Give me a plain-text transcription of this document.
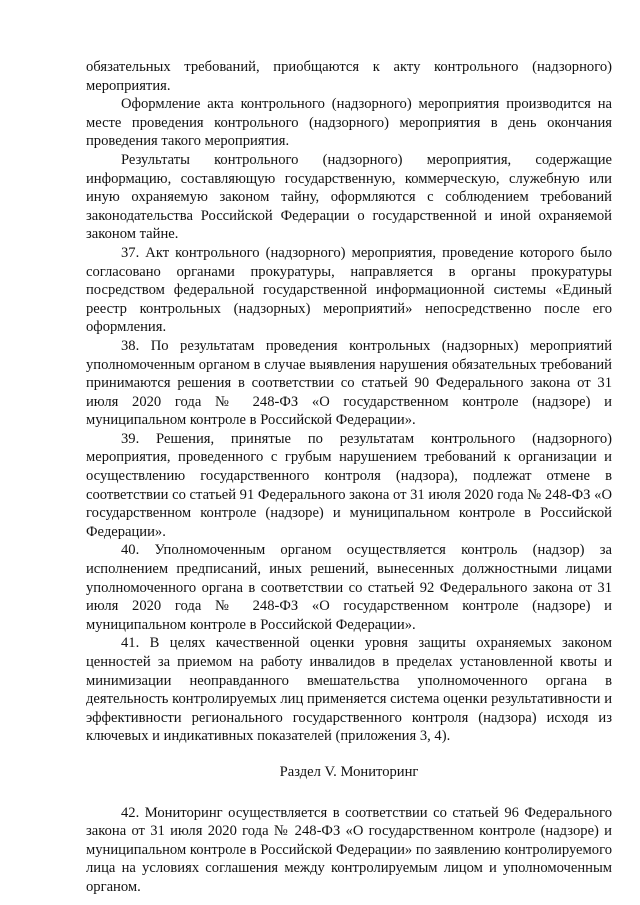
обязательных требований, приобщаются к акту контрольного (надзорного) мероприятия.

Оформление акта контрольного (надзорного) мероприятия производится на месте проведения контрольного (надзорного) мероприятия в день окончания проведения такого мероприятия.

Результаты контрольного (надзорного) мероприятия, содержащие информацию, составляющую государственную, коммерческую, служебную или иную охраняемую законом тайну, оформляются с соблюдением требований законодательства Российской Федерации о государственной и иной охраняемой законом тайне.

37. Акт контрольного (надзорного) мероприятия, проведение которого было согласовано органами прокуратуры, направляется в органы прокуратуры посредством федеральной государственной информационной системы «Единый реестр контрольных (надзорных) мероприятий» непосредственно после его оформления.

38. По результатам проведения контрольных (надзорных) мероприятий уполномоченным органом в случае выявления нарушения обязательных требований принимаются решения в соответствии со статьей 90 Федерального закона от 31 июля 2020 года № 248-ФЗ «О государственном контроле (надзоре) и муниципальном контроле в Российской Федерации».

39. Решения, принятые по результатам контрольного (надзорного) мероприятия, проведенного с грубым нарушением требований к организации и осуществлению государственного контроля (надзора), подлежат отмене в соответствии со статьей 91 Федерального закона от 31 июля 2020 года № 248-ФЗ «О государственном контроле (надзоре) и муниципальном контроле в Российской Федерации».

40. Уполномоченным органом осуществляется контроль (надзор) за исполнением предписаний, иных решений, вынесенных должностными лицами уполномоченного органа в соответствии со статьей 92 Федерального закона от 31 июля 2020 года № 248-ФЗ «О государственном контроле (надзоре) и муниципальном контроле в Российской Федерации».

41. В целях качественной оценки уровня защиты охраняемых законом ценностей за приемом на работу инвалидов в пределах установленной квоты и минимизации неоправданного вмешательства уполномоченного органа в деятельность контролируемых лиц применяется система оценки результативности и эффективности регионального государственного контроля (надзора) исходя из ключевых и индикативных показателей (приложения 3, 4).

Раздел V. Мониторинг

42. Мониторинг осуществляется в соответствии со статьей 96 Федерального закона от 31 июля 2020 года № 248-ФЗ «О государственном контроле (надзоре) и муниципальном контроле в Российской Федерации» по заявлению контролируемого лица на условиях соглашения между контролируемым лицом и уполномоченным органом.
